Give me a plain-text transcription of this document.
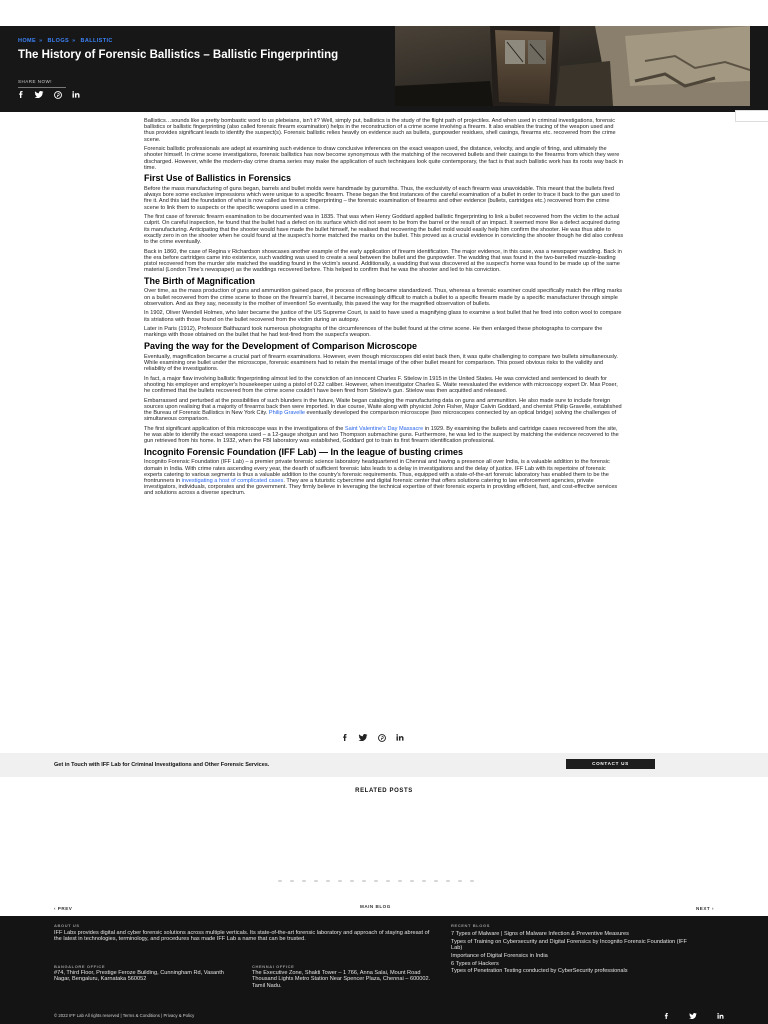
HOME » BLOGS » BALLISTIC
The History of Forensic Ballistics – Ballistic Fingerprinting
SHARE NOW!

Ballistics…sounds like a pretty bombastic word to us plebeians, isn't it? Well, simply put, ballistics is the study of the flight path of projectiles. And when used in criminal investigations, forensic ballistics or ballistic fingerprinting (also called forensic firearm examination) helps in the reconstruction of a crime scene involving a firearm. It also enables the tracing of the weapon used and thus provides significant leads to identify the suspect(s). Forensic ballistic relies heavily on evidence such as bullets, gunpowder residues, shell casings, firearms etc. recovered from the crime scene.

Forensic ballistic professionals are adept at examining such evidence to draw conclusive inferences on the exact weapon used, the distance, velocity, and angle of firing, and ultimately the shooter himself. In crime scene investigations, forensic ballistics has now become synonymous with the matching of the recovered bullets and their casings to the firearms from which they were discharged. However, while the modern-day crime drama series may make the application of such techniques look quite contemporary, the fact is that such ballistic work has its roots way back in time.

First Use of Ballistics in Forensics

Before the mass manufacturing of guns began, barrels and bullet molds were handmade by gunsmiths. Thus, the exclusivity of each firearm was unavoidable. This meant that the bullets fired always bore some exclusive impressions which were unique to a specific firearm. These began the first instances of the careful examination of a bullet in order to trace it back to the gun used to fire it. And this laid the foundation of what is now called as forensic fingerprinting – the forensic examination of firearms and other evidence (bullets, cartridges etc.) recovered from the crime scene to link them to suspects or the specific weapons used in a crime.

The first case of forensic firearm examination to be documented was in 1835. That was when Henry Goddard applied ballistic fingerprinting to link a bullet recovered from the victim to the actual culprit. On careful inspection, he found that the bullet had a defect on its surface which did not seem to be from the barrel or the result of an impact. It seemed more like a defect acquired during its manufacturing. Anticipating that the shooter would have made the bullet himself, he realised that recovering the bullet mold would easily help him confirm the shooter. He was thus able to exactly zero in on the shooter when he could found at the suspect's home matched the marks on the bullet. This proved as a crucial evidence in convicting the shooter though he did also confess to the crime eventually.

Back in 1860, the case of Regina v Richardson showcases another example of the early application of firearm identification. The major evidence, in this case, was a newspaper wadding. Back in the era before cartridges came into existence, such wadding was used to create a seal between the bullet and the gunpowder. The wadding that was found in the two-barrelled muzzle-loading pistol recovered from the murder site matched the wadding found in the victim's wound. Additionally, a wadding that was discovered at the suspect's home was found to be made up of the same material (London Time's newspaper) as the waddings recovered before. This helped to confirm that he was the shooter and led to his conviction.

The Birth of Magnification

Over time, as the mass production of guns and ammunition gained pace, the process of rifling became standardized. Thus, whereas a forensic examiner could specifically match the rifling marks on a bullet recovered from the crime scene to those on the firearm's barrel, it became increasingly difficult to match a bullet to a specific firearm made by a specific manufacturer through simple observation. And as they say, necessity is the mother of invention! So eventually, this paved the way for the magnified observation of bullets.

In 1902, Oliver Wendell Holmes, who later became the justice of the US Supreme Court, is said to have used a magnifying glass to examine a test bullet that he fired into cotton wool to compare its striations with those found on the bullet recovered from the victim during an autopsy.

Later in Paris (1912), Professor Balthazard took numerous photographs of the circumferences of the bullet found at the crime scene. He then enlarged these photographs to compare the markings with those obtained on the bullet that he had test-fired from the suspect's weapon.

Paving the way for the Development of Comparison Microscope

Eventually, magnification became a crucial part of firearm examinations. However, even though microscopes did exist back then, it was quite challenging to compare two bullets simultaneously. While examining one bullet under the microscope, forensic examiners had to retain the mental image of the other bullet meant for comparison. This posed obvious risks to the validity and reliability of the investigations.

In fact, a major flaw involving ballistic fingerprinting almost led to the conviction of an innocent Charles F. Stielow in 1915 in the United States. He was convicted and sentenced to death for shooting his employer and employer's housekeeper using a pistol of 0.22 caliber. However, when investigator Charles E. Waite reevaluated the evidence with microscopy expert Dr. Max Poser, he confirmed that the bullets recovered from the crime scene couldn't have been fired from Stielow's gun. Stielow was then acquitted and released.

Embarrassed and perturbed at the possibilities of such blunders in the future, Waite began cataloging the manufacturing data on guns and ammunition. He also made sure to include foreign sources upon realising that a majority of firearms back then were imported. In due course, Waite along with physicist John Fisher, Major Calvin Goddard, and chemist Philip Gravelle, established the Bureau of Forensic Ballistics in New York City. Philip Gravelle eventually developed the comparison microscope (two microscopes connected by an optical bridge) solving the challenges of simultaneous comparison.

The first significant application of this microscope was in the investigations of the Saint Valentine's Day Massacre in 1929. By examining the bullets and cartridge cases recovered from the site, he was able to identify the exact weapons used – a 12-gauge shotgun and two Thompson submachine guns. Furthermore, he was led to the suspect by matching the evidence recovered to the gun retrieved from his home. In 1932, when the FBI laboratory was established, Goddard got to train its first firearm identification professional.

Incognito Forensic Foundation (IFF Lab) — In the league of busting crimes

Incognito Forensic Foundation (IFF Lab) – a premier private forensic science laboratory headquartered in Chennai and having a presence all over India, is a valuable addition to the forensic domain in India. With crime rates ascending every year, the dearth of sufficient forensic labs leads to a delay in investigations and the delay of justice. IFF Lab with its repertoire of forensic experts catering to various segments is thus a valuable addition to the country's forensic requirements. Thus, equipped with a state-of-the-art forensic laboratory has enabled them to be the frontrunners in investigating a host of complicated cases. They are a futuristic cybercrime and digital forensic center that offers solutions catering to law enforcement agencies, private investigators, individuals, corporates and the government. They firmly believe in leveraging the technical expertise of their forensic experts in providing efficient, fast, and cost-effective services and solutions across a diverse spectrum.

Get in Touch with IFF Lab for Criminal Investigations and Other Forensic Services.	CONTACT US
RELATED POSTS
‹ PREV	MAIN BLOG	NEXT ›
ABOUT US
IFF Labs provides digital and cyber forensic solutions across multiple verticals. Its state-of-the-art forensic laboratory and approach of staying abreast of the latest in technologies, terminology, and procedures has made IFF Lab a name that can be trusted.
RECENT BLOGS
7 Types of Malware | Signs of Malware Infection & Preventive Measures
Types of Training on Cybersecurity and Digital Forensics by Incognito Forensic Foundation (IFF Lab)
Importance of Digital Forensics in India
6 Types of Hackers
Types of Penetration Testing conducted by CyberSecurity professionals
BANGALORE OFFICE
#74, Third Floor, Prestige Feroze Building, Cunningham Rd, Vasanth Nagar, Bengaluru, Karnataka 560052
CHENNAI OFFICE
The Executive Zone, Shakti Tower – 1 766, Anna Salai, Mount Road Thousand Lights Metro Station Near Spencer Plaza, Chennai – 600002. Tamil Nadu.
© 2022 IFF Lab All rights reserved | Terms & Conditions | Privacy & Policy
